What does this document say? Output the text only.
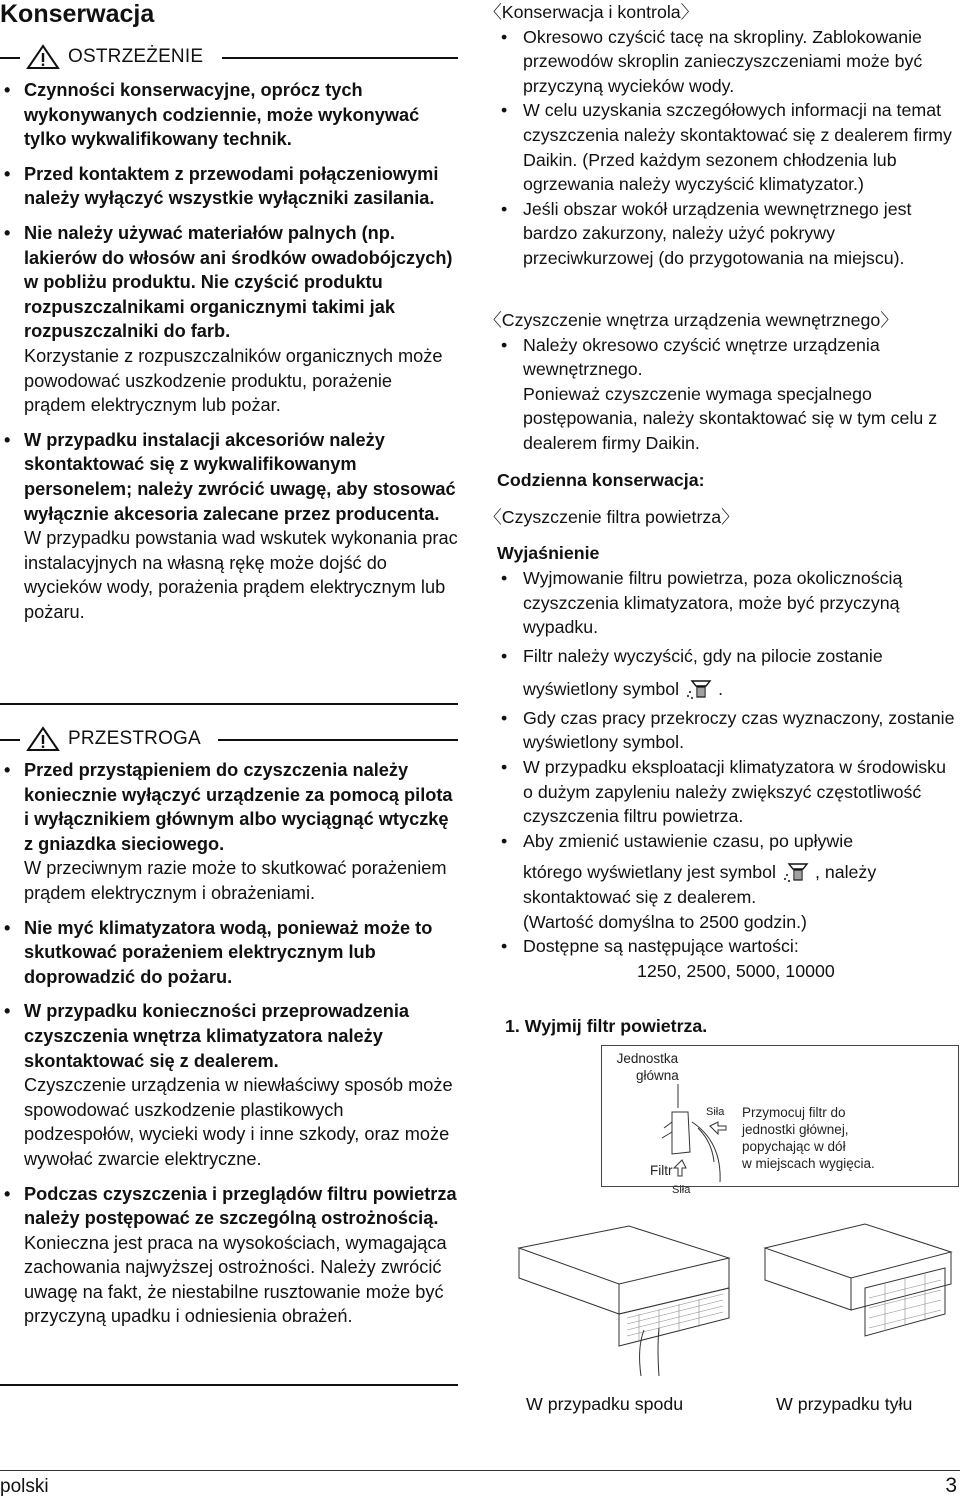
Konserwacja
OSTRZEŻENIE
• Czynności konserwacyjne, oprócz tych wykonywanych codziennie, może wykonywać tylko wykwalifikowany technik.
• Przed kontaktem z przewodami połączeniowymi należy wyłączyć wszystkie wyłączniki zasilania.
• Nie należy używać materiałów palnych (np. lakierów do włosów ani środków owadobójczych) w pobliżu produktu. Nie czyścić produktu rozpuszczalnikami organicznymi takimi jak rozpuszczalniki do farb.
Korzystanie z rozpuszczalników organicznych może powodować uszkodzenie produktu, porażenie prądem elektrycznym lub pożar.
• W przypadku instalacji akcesoriów należy skontaktować się z wykwalifikowanym personelem; należy zwrócić uwagę, aby stosować wyłącznie akcesoria zalecane przez producenta.
W przypadku powstania wad wskutek wykonania prac instalacyjnych na własną rękę może dojść do wycieków wody, porażenia prądem elektrycznym lub pożaru.
PRZESTROGA
• Przed przystąpieniem do czyszczenia należy koniecznie wyłączyć urządzenie za pomocą pilota i wyłącznikiem głównym albo wyciągnąć wtyczkę z gniazdka sieciowego.
W przeciwnym razie może to skutkować porażeniem prądem elektrycznym i obrażeniami.
• Nie myć klimatyzatora wodą, ponieważ może to skutkować porażeniem elektrycznym lub doprowadzić do pożaru.
• W przypadku konieczności przeprowadzenia czyszczenia wnętrza klimatyzatora należy skontaktować się z dealerem.
Czyszczenie urządzenia w niewłaściwy sposób może spowodować uszkodzenie plastikowych podzespołów, wycieki wody i inne szkody, oraz może wywołać zwarcie elektryczne.
• Podczas czyszczenia i przeglądów filtru powietrza należy postępować ze szczególną ostrożnością.
Konieczna jest praca na wysokościach, wymagająca zachowania najwyższej ostrożności. Należy zwrócić uwagę na fakt, że niestabilne rusztowanie może być przyczyną upadku i odniesienia obrażeń.
〈Konserwacja i kontrola〉
• Okresowo czyścić tacę na skropliny. Zablokowanie przewodów skroplin zanieczyszczeniami może być przyczyną wycieków wody.
• W celu uzyskania szczegółowych informacji na temat czyszczenia należy skontaktować się z dealerem firmy Daikin. (Przed każdym sezonem chłodzenia lub ogrzewania należy wyczyścić klimatyzator.)
• Jeśli obszar wokół urządzenia wewnętrznego jest bardzo zakurzony, należy użyć pokrywy przeciwkurzowej (do przygotowania na miejscu).
〈Czyszczenie wnętrza urządzenia wewnętrznego〉
• Należy okresowo czyścić wnętrze urządzenia wewnętrznego.
Ponieważ czyszczenie wymaga specjalnego postępowania, należy skontaktować się w tym celu z dealerem firmy Daikin.
Codzienna konserwacja:
〈Czyszczenie filtra powietrza〉
Wyjaśnienie
• Wyjmowanie filtru powietrza, poza okolicznością czyszczenia klimatyzatora, może być przyczyną wypadku.
• Filtr należy wyczyścić, gdy na pilocie zostanie
wyświetlony symbol .
• Gdy czas pracy przekroczy czas wyznaczony, zostanie wyświetlony symbol.
• W przypadku eksploatacji klimatyzatora w środowisku o dużym zapyleniu należy zwiększyć częstotliwość czyszczenia filtru powietrza.
• Aby zmienić ustawienie czasu, po upływie
którego wyświetlany jest symbol , należy skontaktować się z dealerem.
(Wartość domyślna to 2500 godzin.)
• Dostępne są następujące wartości:
1250, 2500, 5000, 10000
1. Wyjmij filtr powietrza.
Jednostka
główna
Siła
Filtr
Siła
Przymocuj filtr do
jednostki głównej,
popychając w dół
w miejscach wygięcia.
W przypadku spodu	W przypadku tyłu
polski	3
